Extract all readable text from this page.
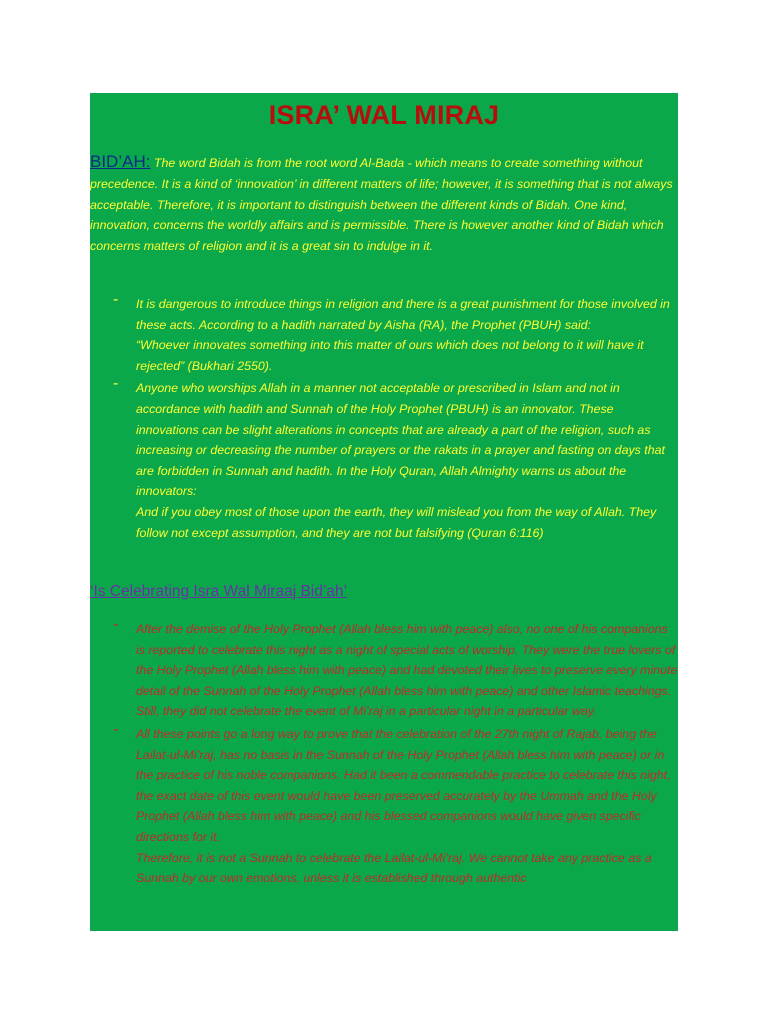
ISRA’ WAL MIRAJ

BID’AH: The word Bidah is from the root word Al-Bada - which means to create something without precedence. It is a kind of ‘innovation’ in different matters of life; however, it is something that is not always acceptable. Therefore, it is important to distinguish between the different kinds of Bidah. One kind, innovation, concerns the worldly affairs and is permissible. There is however another kind of Bidah which concerns matters of religion and it is a great sin to indulge in it.

- It is dangerous to introduce things in religion and there is a great punishment for those involved in these acts. According to a hadith narrated by Aisha (RA), the Prophet (PBUH) said:

“Whoever innovates something into this matter of ours which does not belong to it will have it rejected” (Bukhari 2550).

- Anyone who worships Allah in a manner not acceptable or prescribed in Islam and not in accordance with hadith and Sunnah of the Holy Prophet (PBUH) is an innovator. These innovations can be slight alterations in concepts that are already a part of the religion, such as increasing or decreasing the number of prayers or the rakats in a prayer and fasting on days that are forbidden in Sunnah and hadith. In the Holy Quran, Allah Almighty warns us about the innovators:

And if you obey most of those upon the earth, they will mislead you from the way of Allah. They follow not except assumption, and they are not but falsifying (Quran 6:116)

‘Is Celebrating Isra Wal Miraaj Bid’ah’
- After the demise of the Holy Prophet (Allah bless him with peace) also, no one of his companions is reported to celebrate this night as a night of special acts of worship. They were the true lovers of the Holy Prophet (Allah bless him with peace) and had devoted their lives to preserve every minute detail of the Sunnah of the Holy Prophet (Allah bless him with peace) and other Islamic teachings. Still, they did not celebrate the event of Mi’raj in a particular night in a particular way.

- All these points go a long way to prove that the celebration of the 27th night of Rajab, being the Lailat-ul-Mi’raj, has no basis in the Sunnah of the Holy Prophet (Allah bless him with peace) or in the practice of his noble companions. Had it been a commendable practice to celebrate this night, the exact date of this event would have been preserved accurately by the Ummah and the Holy Prophet (Allah bless him with peace) and his blessed companions would have given specific directions for it.

Therefore, it is not a Sunnah to celebrate the Lailat-ul-Mi’raj. We cannot take any practice as a Sunnah by our own emotions, unless it is established through authentic
